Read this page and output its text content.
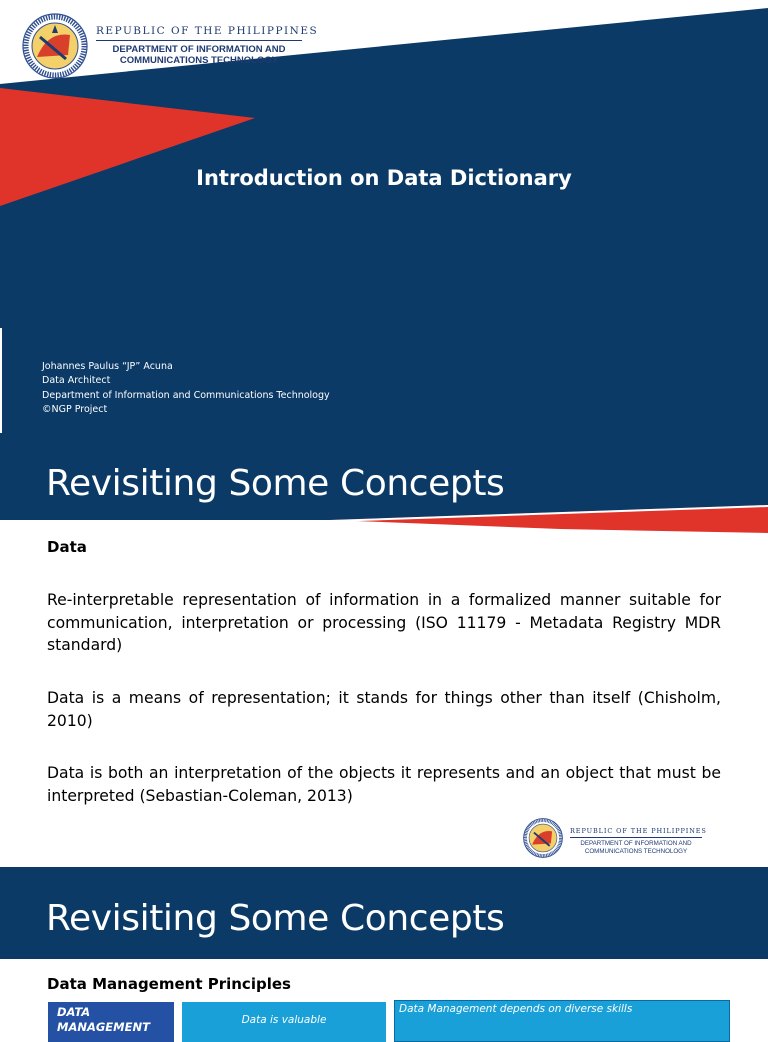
REPUBLIC OF THE PHILIPPINES
DEPARTMENT OF INFORMATION AND
COMMUNICATIONS TECHNOLOGY
Introduction on Data Dictionary
Johannes Paulus “JP” Acuna
Data Architect
Department of Information and Communications Technology
©NGP Project
Revisiting Some Concepts
Data
Re-interpretable representation of information in a formalized manner suitable for communication, interpretation or processing (ISO 11179 - Metadata Registry MDR standard)
Data is a means of representation; it stands for things other than itself (Chisholm, 2010)
Data is both an interpretation of the objects it represents and an object that must be interpreted (Sebastian-Coleman, 2013)
REPUBLIC OF THE PHILIPPINES
DEPARTMENT OF INFORMATION AND
COMMUNICATIONS TECHNOLOGY
Revisiting Some Concepts
Data Management Principles
DATA
MANAGEMENT	Data is valuable
Data Management depends on diverse skills
